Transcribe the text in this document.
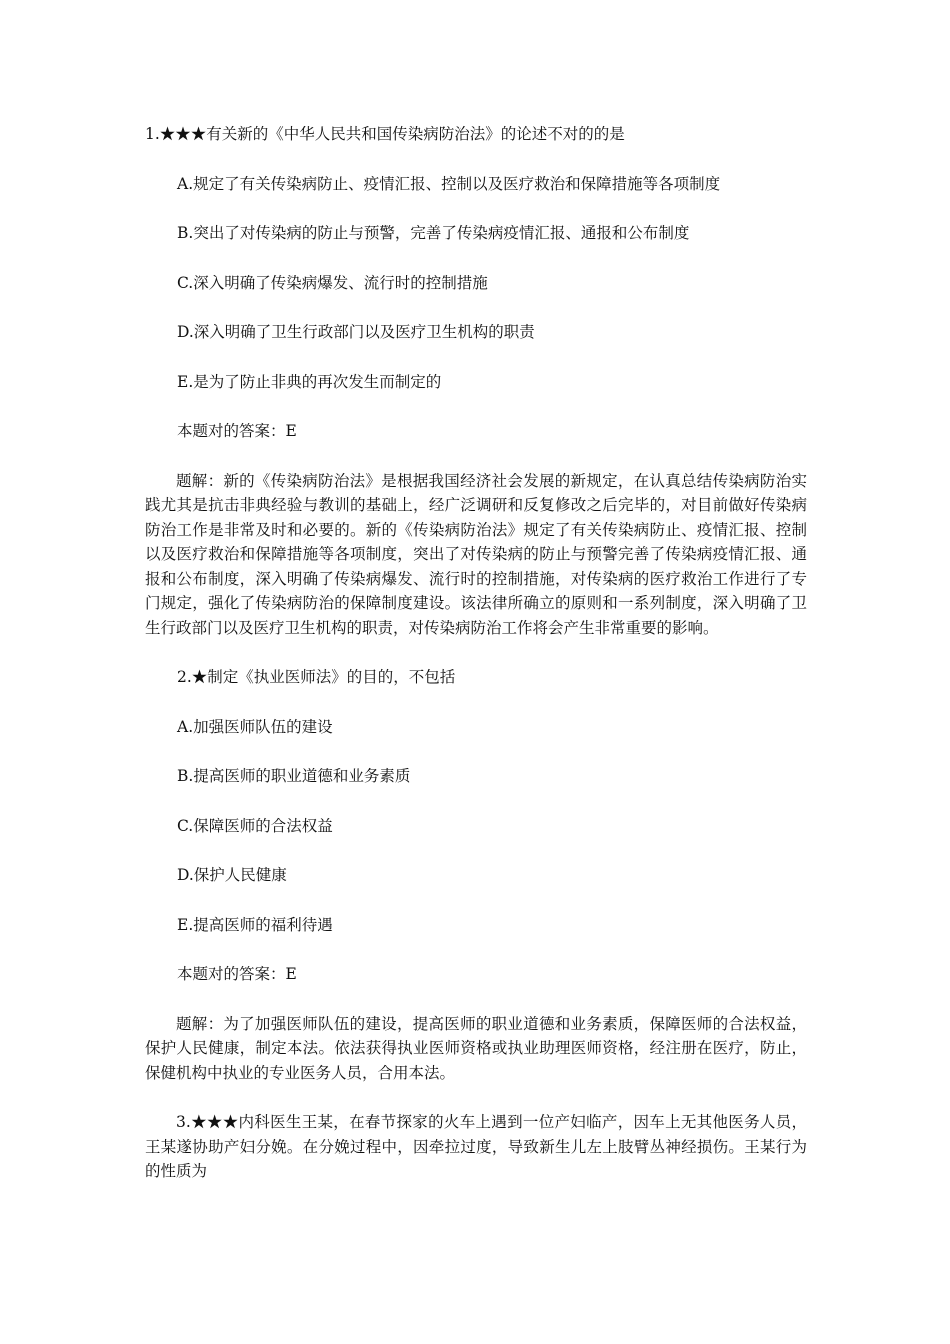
1.★★★有关新的《中华人民共和国传染病防治法》的论述不对的的是

A.规定了有关传染病防止、疫情汇报、控制以及医疗救治和保障措施等各项制度

B.突出了对传染病的防止与预警，完善了传染病疫情汇报、通报和公布制度

C.深入明确了传染病爆发、流行时的控制措施

D.深入明确了卫生行政部门以及医疗卫生机构的职责

E.是为了防止非典的再次发生而制定的

本题对的答案：E

题解：新的《传染病防治法》是根据我国经济社会发展的新规定，在认真总结传染病防治实践尤其是抗击非典经验与教训的基础上，经广泛调研和反复修改之后完毕的，对目前做好传染病防治工作是非常及时和必要的。新的《传染病防治法》规定了有关传染病防止、疫情汇报、控制以及医疗救治和保障措施等各项制度，突出了对传染病的防止与预警完善了传染病疫情汇报、通报和公布制度，深入明确了传染病爆发、流行时的控制措施，对传染病的医疗救治工作进行了专门规定，强化了传染病防治的保障制度建设。该法律所确立的原则和一系列制度，深入明确了卫生行政部门以及医疗卫生机构的职责，对传染病防治工作将会产生非常重要的影响。

2.★制定《执业医师法》的目的，不包括

A.加强医师队伍的建设

B.提高医师的职业道德和业务素质

C.保障医师的合法权益

D.保护人民健康

E.提高医师的福利待遇

本题对的答案：E

题解：为了加强医师队伍的建设，提高医师的职业道德和业务素质，保障医师的合法权益，保护人民健康，制定本法。依法获得执业医师资格或执业助理医师资格，经注册在医疗，防止，保健机构中执业的专业医务人员，合用本法。

3.★★★内科医生王某，在春节探家的火车上遇到一位产妇临产，因车上无其他医务人员，王某遂协助产妇分娩。在分娩过程中，因牵拉过度，导致新生儿左上肢臂丛神经损伤。王某行为的性质为
